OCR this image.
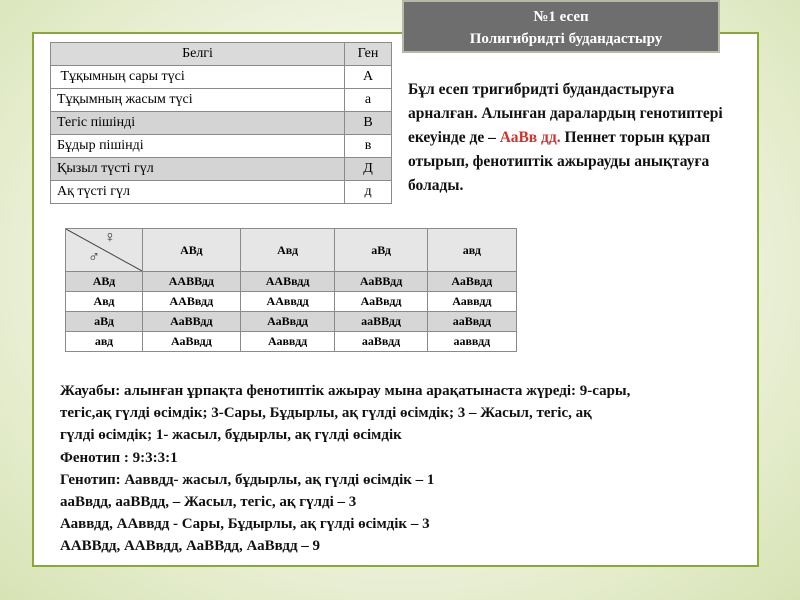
№1 есеп

Полигибридті будандастыру
Белгі	Ген
Тұқымның сары түсі	А
Тұқымның жасым түсі	а
Тегіс пішінді	В
Бұдыр пішінді	в
Қызыл түсті гүл	Д
Ақ түсті гүл	д
Бұл есеп тригибридті будандастыруға арналған. Алынған даралардың генотиптері екеуінде де – АаВв дд. Пеннет торын құрап отырып, фенотиптік ажырауды анықтауға болады.
♀
♂	АВд	Авд	аВд	авд
АВд	ААВВдд	ААВвдд	АаВВдд	АаВвдд
Авд	ААВвдд	ААввдд	АаВвдд	Ааввдд
аВд	АаВВдд	АаВвдд	ааВВдд	ааВвдд
авд	АаВвдд	Ааввдд	ааВвдд	ааввдд
Жауабы: алынған ұрпақта фенотиптік ажырау мына арақатынаста жүреді: 9-сары,
тегіс,ақ гүлді өсімдік; 3-Сары, Бұдырлы, ақ гүлді өсімдік; 3 – Жасыл, тегіс, ақ
гүлді өсімдік; 1- жасыл, бұдырлы, ақ гүлді өсімдік
Фенотип : 9:3:3:1
Генотип: Ааввдд- жасыл, бұдырлы, ақ гүлді өсімдік – 1
ааВвдд, ааВВдд, – Жасыл, тегіс, ақ гүлді – 3
Ааввдд, ААввдд - Сары, Бұдырлы, ақ гүлді өсімдік – 3
ААВВдд, ААВвдд, АаВВдд, АаВвдд – 9
